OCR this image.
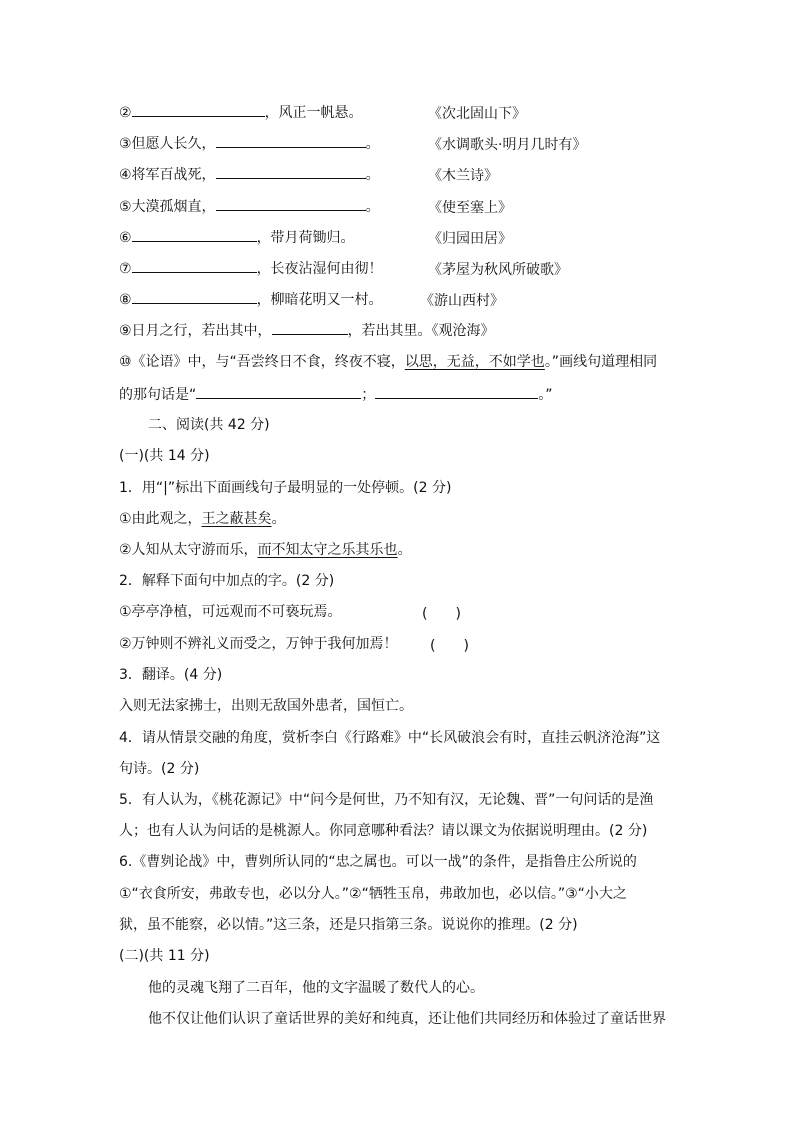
②	，风正一帆悬。	《次北固山下》
③但愿人长久，	。	《水调歌头·明月几时有》
④将军百战死，	。	《木兰诗》
⑤大漠孤烟直，	。	《使至塞上》
⑥	，带月荷锄归。	《归园田居》
⑦	，长夜沾湿何由彻！	《茅屋为秋风所破歌》
⑧	，柳暗花明又一村。	《游山西村》
⑨日月之行，若出其中，	，若出其里。《观沧海》
⑩《论语》中，与“吾尝终日不食，终夜不寝，以思，无益，不如学也。”画线句道理相同
的那句话是“	；	。”
二、阅读(共 42 分)
(一)(共 14 分)
1．用“|”标出下面画线句子最明显的一处停顿。(2 分)
①由此观之，王之蔽甚矣。
②人知从太守游而乐，而不知太守之乐其乐也。
2．解释下面句中加点的字。(2 分)
①亭亭净植，可远观而不可亵玩焉。	(　　)
②万钟则不辨礼义而受之，万钟于我何加焉！ (　　)
3．翻译。(4 分)
入则无法家拂士，出则无敌国外患者，国恒亡。
4．请从情景交融的角度，赏析李白《行路难》中“长风破浪会有时，直挂云帆济沧海”这
句诗。(2 分)
5．有人认为，《桃花源记》中“问今是何世，乃不知有汉，无论魏、晋”一句问话的是渔
人；也有人认为问话的是桃源人。你同意哪种看法？请以课文为依据说明理由。(2 分)
6.《曹刿论战》中，曹刿所认同的“忠之属也。可以一战”的条件，是指鲁庄公所说的
①“衣食所安，弗敢专也，必以分人。”②“牺牲玉帛，弗敢加也，必以信。”③“小大之
狱，虽不能察，必以情。”这三条，还是只指第三条。说说你的推理。(2 分)
(二)(共 11 分)
他的灵魂飞翔了二百年，他的文字温暖了数代人的心。
他不仅让他们认识了童话世界的美好和纯真，还让他们共同经历和体验过了童话世界
